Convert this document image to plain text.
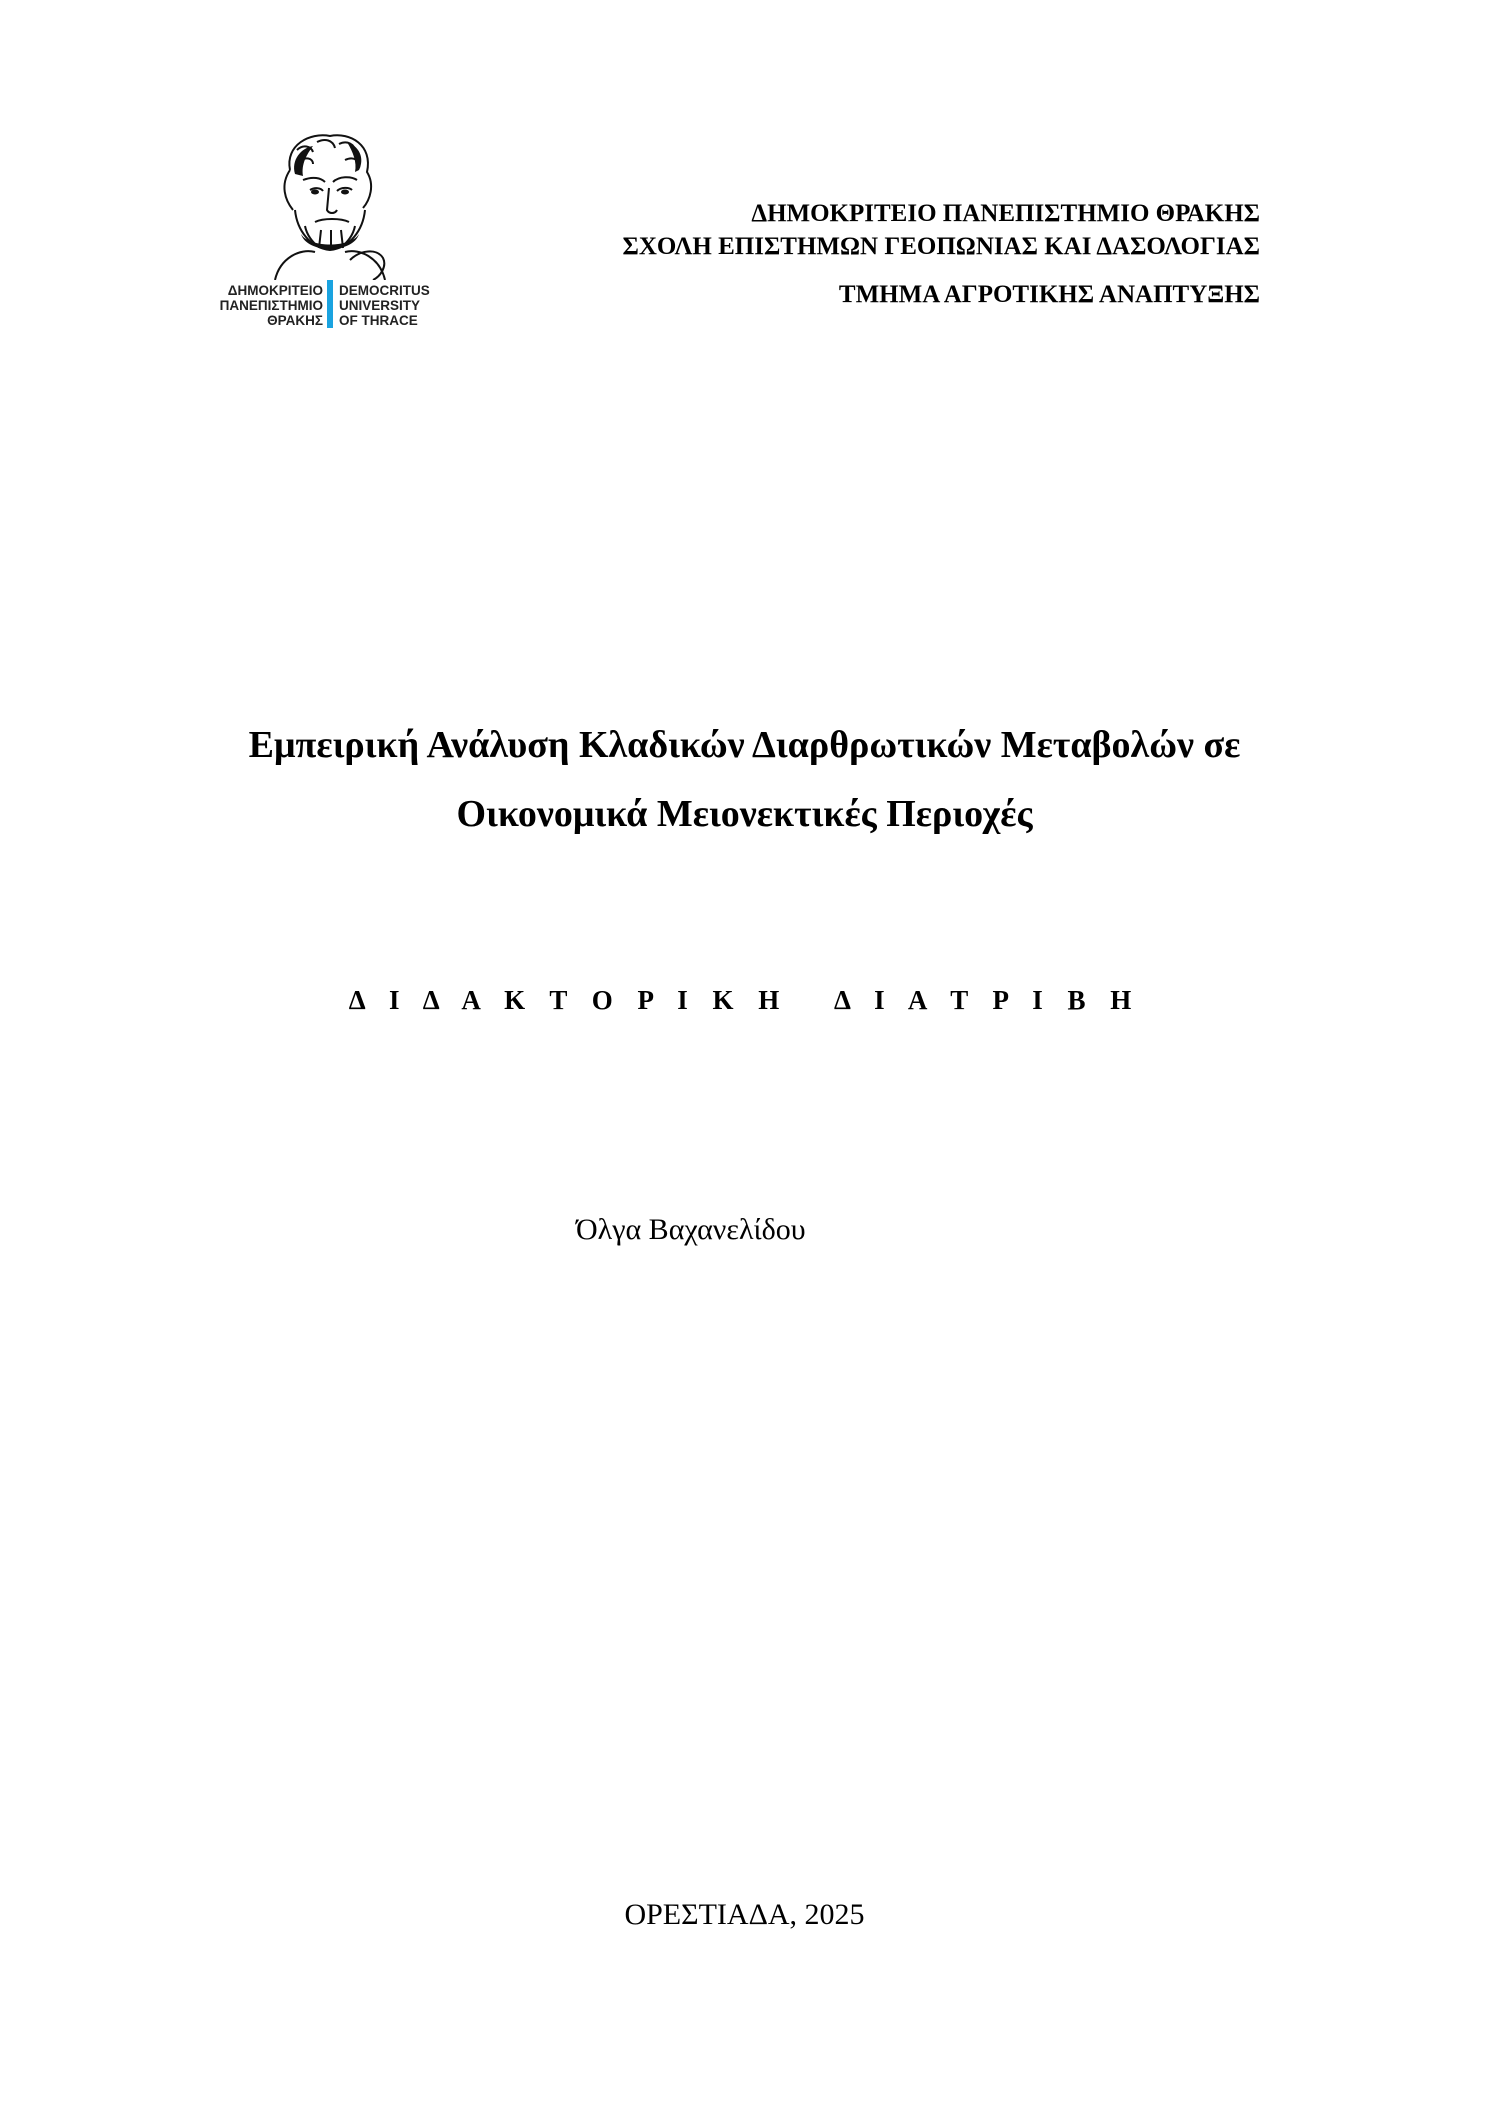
ΔΗΜΟΚΡΙΤΕΙΟ
ΠΑΝΕΠΙΣΤΗΜΙΟ
ΘΡΑΚΗΣ
DEMOCRITUS
UNIVERSITY
OF THRACE
ΔΗΜΟΚΡΙΤΕΙΟ ΠΑΝΕΠΙΣΤΗΜΙΟ ΘΡΑΚΗΣ
ΣΧΟΛΗ ΕΠΙΣΤΗΜΩΝ ΓΕΟΠΩΝΙΑΣ ΚΑΙ ΔΑΣΟΛΟΓΙΑΣ
ΤΜΗΜΑ ΑΓΡΟΤΙΚΗΣ ΑΝΑΠΤΥΞΗΣ
Εμπειρική Ανάλυση Κλαδικών Διαρθρωτικών Μεταβολών σε
Οικονομικά Μειονεκτικές Περιοχές
Δ Ι Δ Α Κ Τ Ο Ρ Ι Κ Η   Δ Ι Α Τ Ρ Ι Β Η
Όλγα Βαχανελίδου
ΟΡΕΣΤΙΑΔΑ, 2025
